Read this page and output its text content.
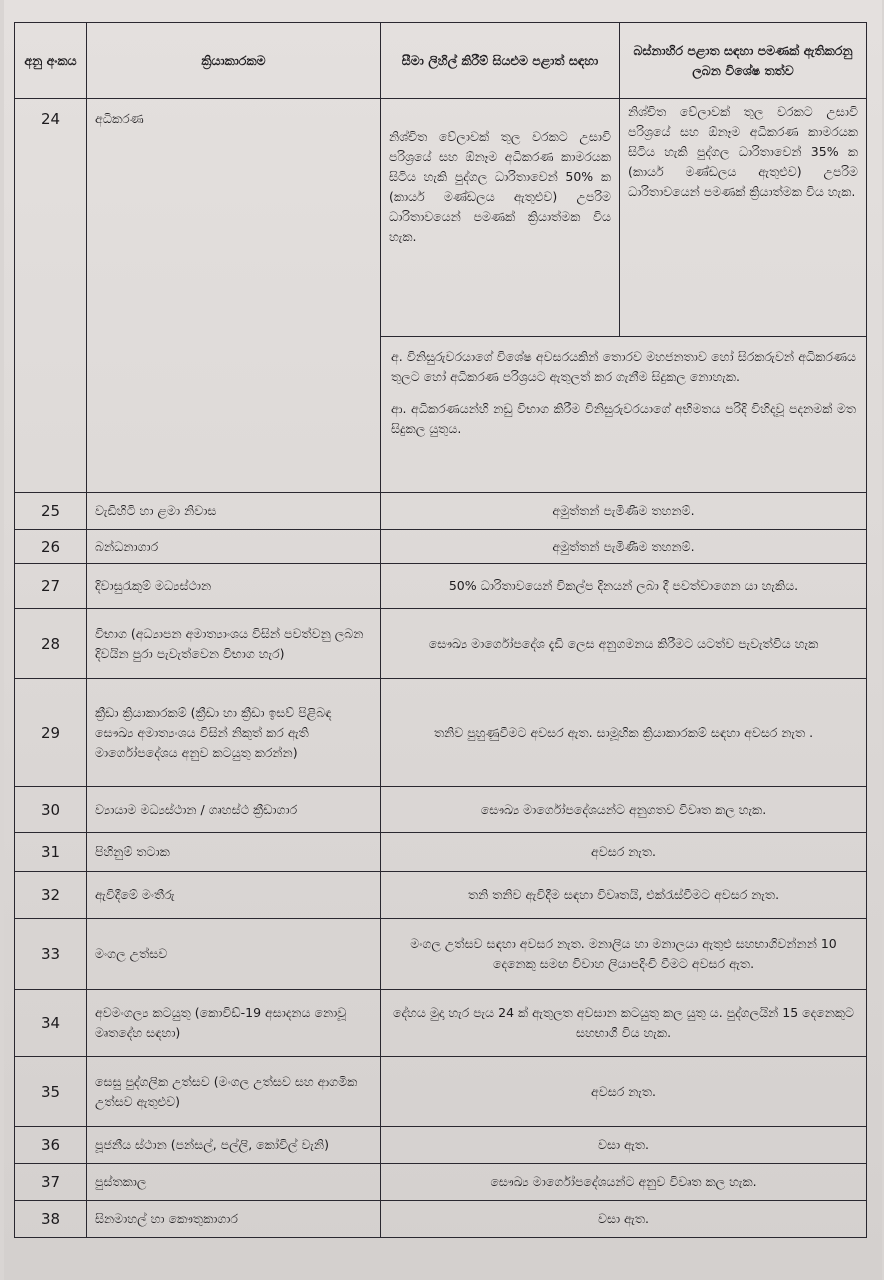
අනු අංකය	ක්‍රියාකාරකම	සීමා ලිහිල් කිරීම් සියළුම පළාත් සඳහා	බස්නාහිර පළාත සඳහා පමණක් ඇතිකරනු ලබන විශේෂ තත්ව
24	අධිකරණ	නිශ්චිත වේලාවක් තුල වරකට උසාවි පරිශ්‍රයේ සහ ඕනෑම අධිකරණ කාමරයක සිටිය හැකි පුද්ගල ධාරිතාවෙන් 50% ක (කාර්ය මණ්ඩලය ඇතුළුව) උපරිම ධාරිතාවයෙන් පමණක් ක්‍රියාත්මක විය හැක.	නිශ්චිත වේලාවක් තුල වරකට උසාවි පරිශ්‍රයේ සහ ඕනෑම අධිකරණ කාමරයක සිටිය හැකි පුද්ගල ධාරිතාවෙන් 35% ක (කාර්ය මණ්ඩලය ඇතුළුව) උපරිම ධාරිතාවයෙන් පමණක් ක්‍රියාත්මක විය හැක.

		අ. විනිසුරුවරයාගේ විශේෂ අවසරයකින් තොරව මහජනතාව හෝ සිරකරුවන් අධිකරණය තුලට හෝ අධිකරණ පරිශ්‍රයට ඇතුලත් කර ගැනීම සිදුකල නොහැක.

ආ. අධිකරණයන්හි නඩු විභාග කිරීම විනිසුරුවරයාගේ අභිමතය පරිදි විහිදවූ පදනමක් මත සිදුකල යුතුය.	

25	වැඩිහිටි හා ළමා නිවාස	අමුත්තන් පැමිණීම තහනම්.	
26	බන්ධනාගාර	අමුත්තන් පැමිණීම තහනම්.	
27	දිවාසුරැකුම් මධ්‍යස්ථාන	50% ධාරිතාවයෙන් විකල්ප දිනයන් ලබා දී පවත්වාගෙන යා හැකිය.	
28	විභාග (අධ්‍යාපන අමාත්‍යාංශය විසින් පවත්වනු ලබන දිවයින පුරා පැවැත්වෙන විභාග හැර)	සෞඛ්‍ය මාර්ගෝපදේශ දැඩි ලෙස අනුගමනය කිරීමට යටත්ව පැවැත්විය හැක	
29	ක්‍රීඩා ක්‍රියාකාරකම් (ක්‍රීඩා හා ක්‍රීඩා ඉසව් පිළිබඳ සෞඛ්‍ය අමාත්‍යංශය විසින් නිකුත් කර ඇති මාර්ගෝපදේශය අනුව කටයුතු කරන්න)	තනිව පුහුණුවීමට අවසර ඇත. සාමූහික ක්‍රියාකාරකම් සඳහා අවසර නැත .	
30	ව්‍යායාම මධ්‍යස්ථාන / ගෘහස්ථ ක්‍රීඩාගාර	සෞඛ්‍ය මාර්ගෝපදේශයන්ට අනුගතව විවෘත කල හැක.	
31	පිහිනුම් තටාක	අවසර නැත.	
32	ඇවිදීමේ මංතීරු	තනි තනිව ඇවිදීම සඳහා විවෘතයි, එක්රැස්වීමට අවසර නැත.	
33	මංගල උත්සව	මංගල උත්සව සඳහා අවසර නැත. මනාලිය හා මනාලයා ඇතුළු සහභාගිවන්නන් 10 දෙනෙකු සමඟ විවාහ ලියාපදිංචි වීමට අවසර ඇත.	
34	අවමංගල්‍ය කටයුතු (කොවිඩ්-19 අසාදනය නොවූ මෘතදේහ සඳහා)	දේහය මුදා හැර පැය 24 ක් ඇතුලත අවසාන කටයුතු කල යුතු ය. පුද්ගලයින් 15 දෙනෙකුට සහභාගී විය හැක.	
35	සෙසු පුද්ගලික උත්සව (මංගල උත්සව සහ ආගමික උත්සව ඇතුළුව)	අවසර නැත.	
36	පූජනීය ස්ථාන (පන්සල්, පල්ලි, කෝවිල් වැනි)	වසා ඇත.	
37	පුස්තකාල	සෞඛ්‍ය මාර්ගෝපදේශයන්ට අනුව විවෘත කල හැක.	
38	සිනමාහල් හා කෞතුකාගාර	වසා ඇත.	
